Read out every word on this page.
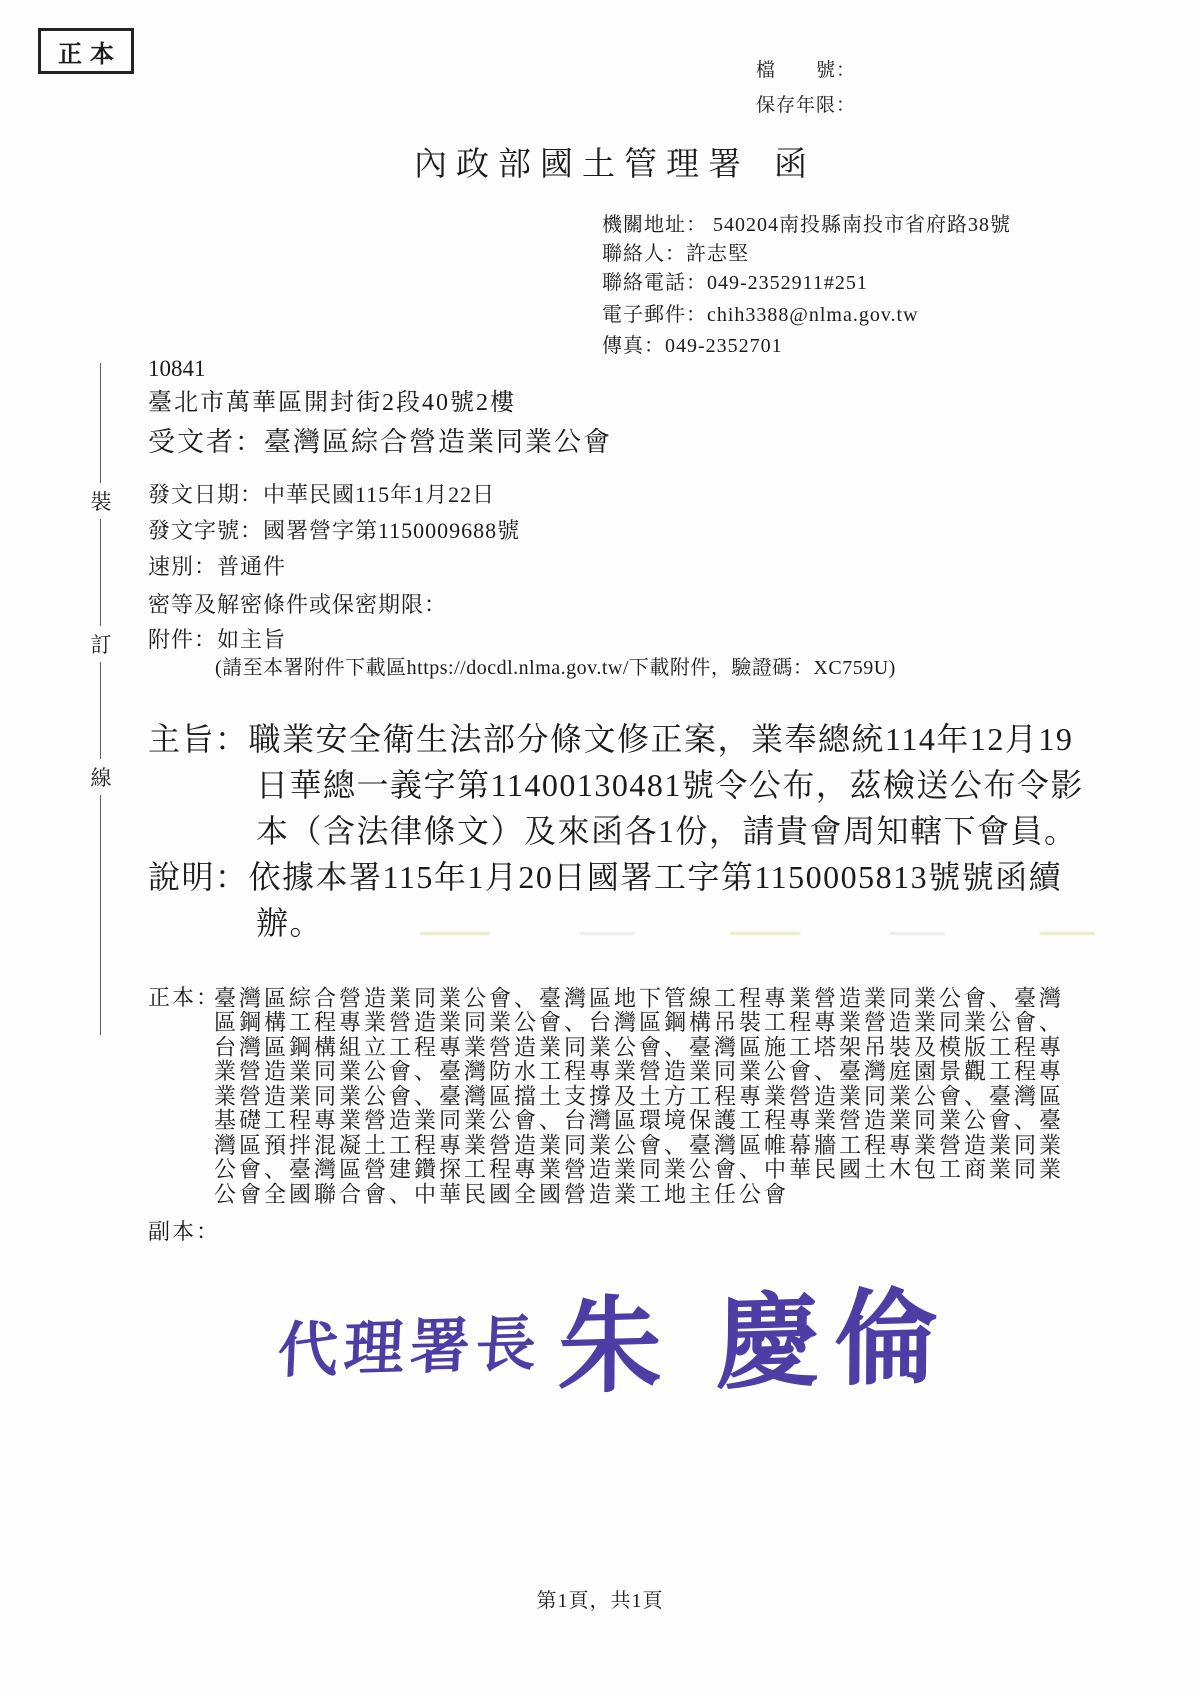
正本
檔　　號：
保存年限：
內政部國土管理署 函
機關地址： 540204南投縣南投市省府路38號
聯絡人：許志堅
聯絡電話：049-2352911#251
電子郵件：chih3388@nlma.gov.tw
傳真：049-2352701
10841
臺北市萬華區開封街2段40號2樓
受文者：臺灣區綜合營造業同業公會
發文日期：中華民國115年1月22日
發文字號：國署營字第1150009688號
速別：普通件
密等及解密條件或保密期限：
附件：如主旨
(請至本署附件下載區https://docdl.nlma.gov.tw/下載附件，驗證碼：XC759U)
主旨：職業安全衛生法部分條文修正案，業奉總統114年12月19
日華總一義字第11400130481號令公布，茲檢送公布令影
本（含法律條文）及來函各1份，請貴會周知轄下會員。
說明：依據本署115年1月20日國署工字第1150005813號號函續
辦。
正本：
臺灣區綜合營造業同業公會、臺灣區地下管線工程專業營造業同業公會、臺灣
區鋼構工程專業營造業同業公會、台灣區鋼構吊裝工程專業營造業同業公會、
台灣區鋼構組立工程專業營造業同業公會、臺灣區施工塔架吊裝及模版工程專
業營造業同業公會、臺灣防水工程專業營造業同業公會、臺灣庭園景觀工程專
業營造業同業公會、臺灣區擋土支撐及土方工程專業營造業同業公會、臺灣區
基礎工程專業營造業同業公會、台灣區環境保護工程專業營造業同業公會、臺
灣區預拌混凝土工程專業營造業同業公會、臺灣區帷幕牆工程專業營造業同業
公會、臺灣區營建鑽探工程專業營造業同業公會、中華民國土木包工商業同業
公會全國聯合會、中華民國全國營造業工地主任公會
副本：
代理署長 朱 慶倫
第1頁，共1頁
裝
訂
線
